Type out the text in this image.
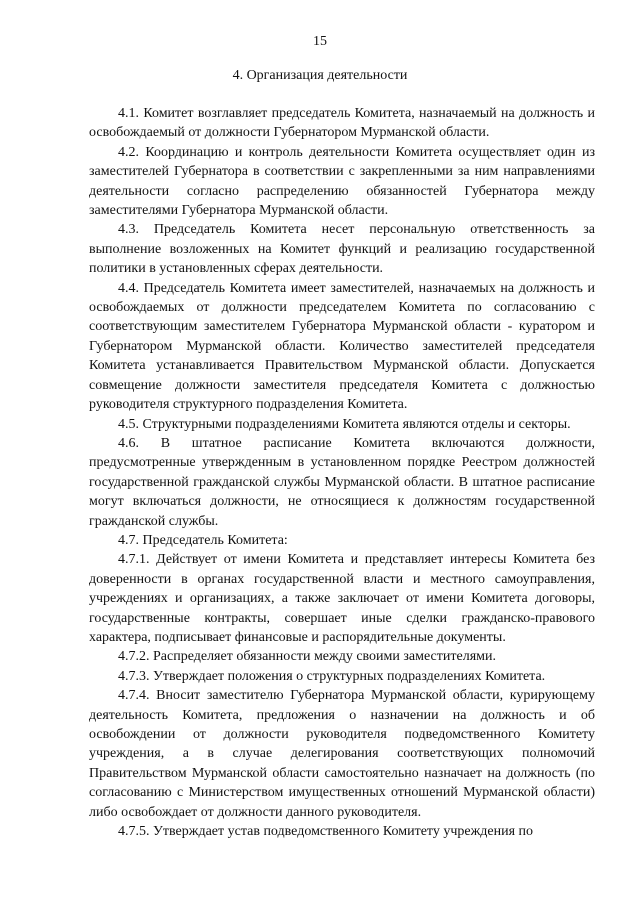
15
4. Организация деятельности

4.1. Комитет возглавляет председатель Комитета, назначаемый на должность и освобождаемый от должности Губернатором Мурманской области.

4.2. Координацию и контроль деятельности Комитета осуществляет один из заместителей Губернатора в соответствии с закрепленными за ним направлениями деятельности согласно распределению обязанностей Губернатора между заместителями Губернатора Мурманской области.

4.3. Председатель Комитета несет персональную ответственность за выполнение возложенных на Комитет функций и реализацию государственной политики в установленных сферах деятельности.

4.4. Председатель Комитета имеет заместителей, назначаемых на должность и освобождаемых от должности председателем Комитета по согласованию с соответствующим заместителем Губернатора Мурманской области - куратором и Губернатором Мурманской области. Количество заместителей председателя Комитета устанавливается Правительством Мурманской области. Допускается совмещение должности заместителя председателя Комитета с должностью руководителя структурного подразделения Комитета.

4.5. Структурными подразделениями Комитета являются отделы и секторы.

4.6. В штатное расписание Комитета включаются должности, предусмотренные утвержденным в установленном порядке Реестром должностей государственной гражданской службы Мурманской области. В штатное расписание могут включаться должности, не относящиеся к должностям государственной гражданской службы.

4.7. Председатель Комитета:

4.7.1. Действует от имени Комитета и представляет интересы Комитета без доверенности в органах государственной власти и местного самоуправления, учреждениях и организациях, а также заключает от имени Комитета договоры, государственные контракты, совершает иные сделки гражданско-правового характера, подписывает финансовые и распорядительные документы.

4.7.2. Распределяет обязанности между своими заместителями.

4.7.3. Утверждает положения о структурных подразделениях Комитета.

4.7.4. Вносит заместителю Губернатора Мурманской области, курирующему деятельность Комитета, предложения о назначении на должность и об освобождении от должности руководителя подведомственного Комитету учреждения, а в случае делегирования соответствующих полномочий Правительством Мурманской области самостоятельно назначает на должность (по согласованию с Министерством имущественных отношений Мурманской области) либо освобождает от должности данного руководителя.

4.7.5. Утверждает устав подведомственного Комитету учреждения по
